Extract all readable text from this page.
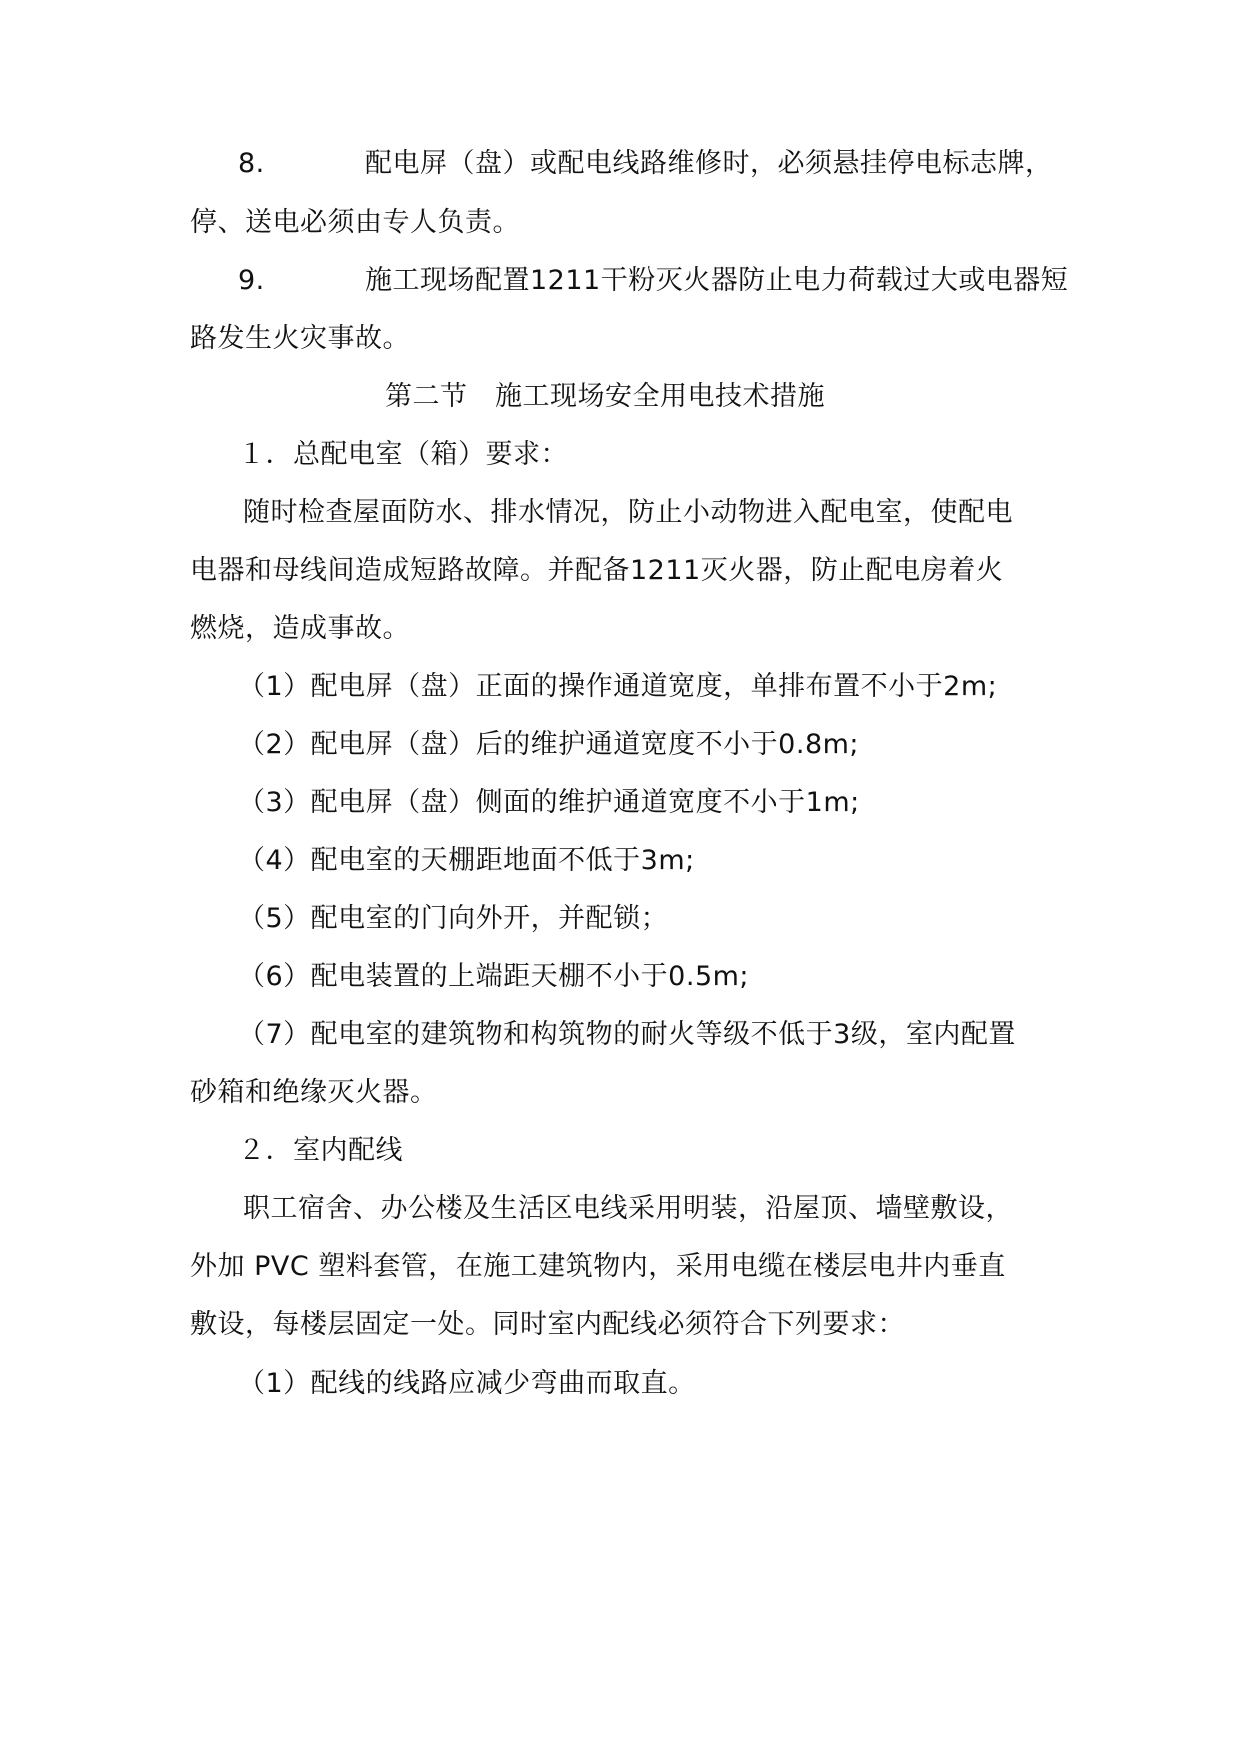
8.	配电屏（盘）或配电线路维修时，必须悬挂停电标志牌，
停、送电必须由专人负责。
9.	施工现场配置1211干粉灭火器防止电力荷载过大或电器短
路发生火灾事故。
第二节　施工现场安全用电技术措施
１．总配电室（箱）要求：
随时检查屋面防水、排水情况，防止小动物进入配电室，使配电
电器和母线间造成短路故障。并配备1211灭火器，防止配电房着火
燃烧，造成事故。
（1）配电屏（盘）正面的操作通道宽度，单排布置不小于2m;
（2）配电屏（盘）后的维护通道宽度不小于0.8m;
（3）配电屏（盘）侧面的维护通道宽度不小于1m;
（4）配电室的天棚距地面不低于3m;
（5）配电室的门向外开，并配锁；
（6）配电装置的上端距天棚不小于0.5m;
（7）配电室的建筑物和构筑物的耐火等级不低于3级，室内配置
砂箱和绝缘灭火器。
２．室内配线
职工宿舍、办公楼及生活区电线采用明装，沿屋顶、墙壁敷设，
外加 PVC 塑料套管，在施工建筑物内，采用电缆在楼层电井内垂直
敷设，每楼层固定一处。同时室内配线必须符合下列要求：
（1）配线的线路应减少弯曲而取直。
